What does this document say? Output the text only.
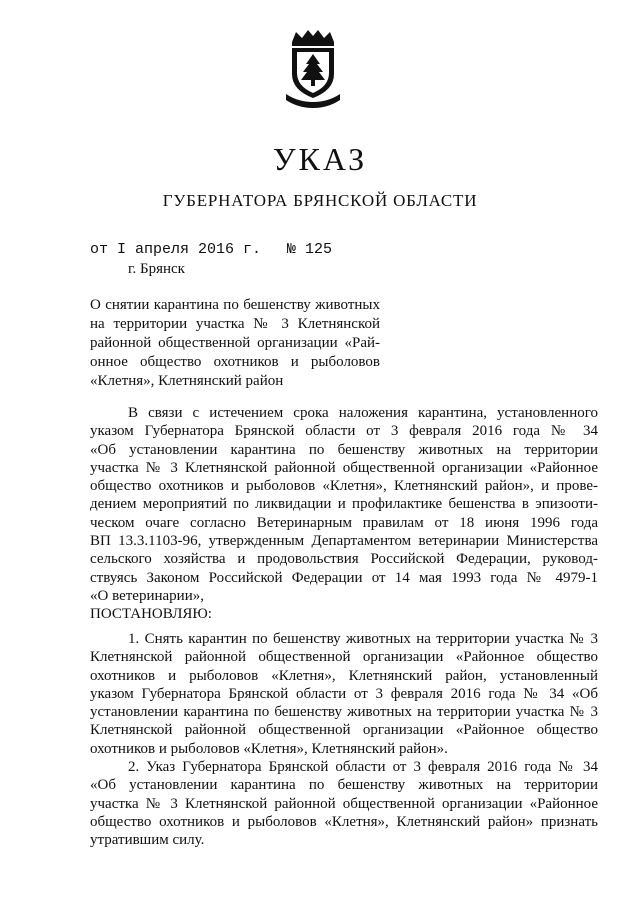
УКАЗ
ГУБЕРНАТОРА БРЯНСКОЙ ОБЛАСТИ
от I апреля 2016 г. № 125
г. Брянск
О снятии карантина по бешенству животных
на территории участка № 3 Клетнянской
районной общественной организации «Рай-
онное общество охотников и рыболовов
«Клетня», Клетнянский район
В связи с истечением срока наложения карантина, установленного
указом Губернатора Брянской области от 3 февраля 2016 года № 34
«Об установлении карантина по бешенству животных на территории
участка № 3 Клетнянской районной общественной организации «Районное
общество охотников и рыболовов «Клетня», Клетнянский район», и прове-
дением мероприятий по ликвидации и профилактике бешенства в эпизооти-
ческом очаге согласно Ветеринарным правилам от 18 июня 1996 года
ВП 13.3.1103-96, утвержденным Департаментом ветеринарии Министерства
сельского хозяйства и продовольствия Российской Федерации, руковод-
ствуясь Законом Российской Федерации от 14 мая 1993 года № 4979-1
«О ветеринарии»,
ПОСТАНОВЛЯЮ:
1. Снять карантин по бешенству животных на территории участка № 3
Клетнянской районной общественной организации «Районное общество
охотников и рыболовов «Клетня», Клетнянский район, установленный
указом Губернатора Брянской области от 3 февраля 2016 года № 34 «Об
установлении карантина по бешенству животных на территории участка № 3
Клетнянской районной общественной организации «Районное общество
охотников и рыболовов «Клетня», Клетнянский район».
2. Указ Губернатора Брянской области от 3 февраля 2016 года № 34
«Об установлении карантина по бешенству животных на территории
участка № 3 Клетнянской районной общественной организации «Районное
общество охотников и рыболовов «Клетня», Клетнянский район» признать
утратившим силу.
